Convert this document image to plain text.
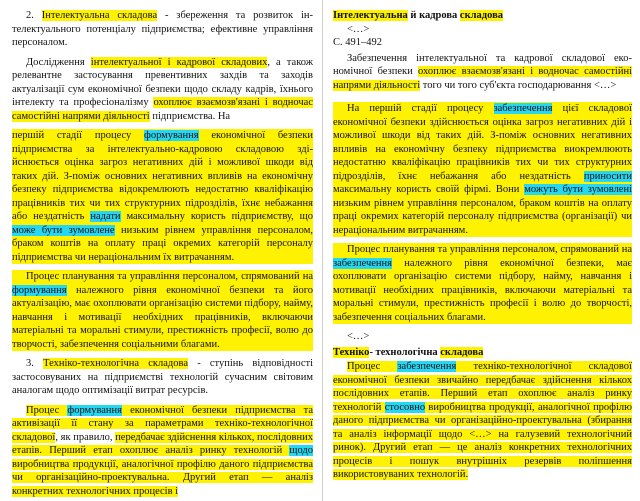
2. Інтелектуальна складова - збереження та розвиток інтелектуального потенціалу підприємства; ефективне управління персоналом.

Дослідження інтелектуальної і кадрової складових, а також релевантне застосування превентивних захдів та заходів актуалізації сум економічної безпеки щодо складу кадрів, їхнього інтелекту та професіоналізму охоплює взаємозв'язані і водночас самостійні напрями діяльності підприємства. На

першій стадії процесу формування економічної безпеки підприємства за інтелектуально-кадровою складовою здійснюється оцінка загроз негативних дій і можливої шкоди від таких дій. З-поміж основних негативних впливів на економічну безпеку підприємства відокремлюють недостатню кваліфікацію працівників тих чи тих структурних підрозділів, їхнє небажання або нездатність надати максимальну користь підприємству, що може бути зумовлене низьким рівнем управління персоналом, браком коштів на оплату праці окремих категорій персоналу підприємства чи нераціональним їх витрачанням.

Процес планування та управління персоналом, спрямований на формування належного рівня економічної безпеки та його актуалізацію, має охоплювати організацію системи підбору, найму, навчання і мотивації необхідних працівників, включаючи матеріальні та моральні стимули, престижність професії, волю до творчості, забезпечення соціальними благами.

3. Техніко-технологічна складова - ступінь відповідності застосовуваних на підприємстві технологій сучасним світовим аналогам щодо оптимізації витрат ресурсів.

Процес формування економічної безпеки підприємства та активізації її стану за параметрами техніко-технологічної складової, як правило, передбачає здійснення кількох, послідовних етапів. Перший етап охоплює аналіз ринку технологій щодо виробництва продукції, аналогічної профілю даного підприємства чи організаційно-проектувальна. Другий етап — аналіз конкретних технологічних процесів і

Інтелектуальна й кадрова складова

<…>

С. 491–492

Забезпечення інтелектуальної та кадрової складової економічної безпеки охоплює взаємозв'язані і водночас самостійні напрями діяльності того чи того суб'єкта господарювання <…>

На першій стадії процесу забезпечення цієї складової економічної безпеки здійснюється оцінка загроз негативних дій і можливої шкоди від таких дій. З-поміж основних негативних впливів на економічну безпеку підприємства виокремлюють недостатню кваліфікацію працівників тих чи тих структурних підрозділів, їхнє небажання або нездатність приносити максимальну користь своїй фірмі. Вони можуть бути зумовлені низьким рівнем управління персоналом, браком коштів на оплату праці окремих категорій персоналу підприємства (організації) чи нераціональним витрачанням.

Процес планування та управління персоналом, спрямований на забезпечення належного рівня економічної безпеки, має охоплювати організацію системи підбору, найму, навчання і мотивації необхідних працівників, включаючи матеріальні та моральні стимули, престижність професії і волю до творчості, забезпечення соціальних благами.

<…>

Техніко- технологічна складова

Процес забезпечення техніко-технологічної складової економічної безпеки звичайно передбачає здійснення кількох послідовних етапів. Перший етап охоплює аналіз ринку технологій стосовно виробництва продукції, аналогічної профілю даного підприємства чи організаційно-проектувальна (збирання та аналіз інформації щодо <…> на галузевий технологічний ринок). Другий етап — це аналіз конкретних технологічних процесів і пошук внутрішніх резервів поліпшення використовуваних технологій.
